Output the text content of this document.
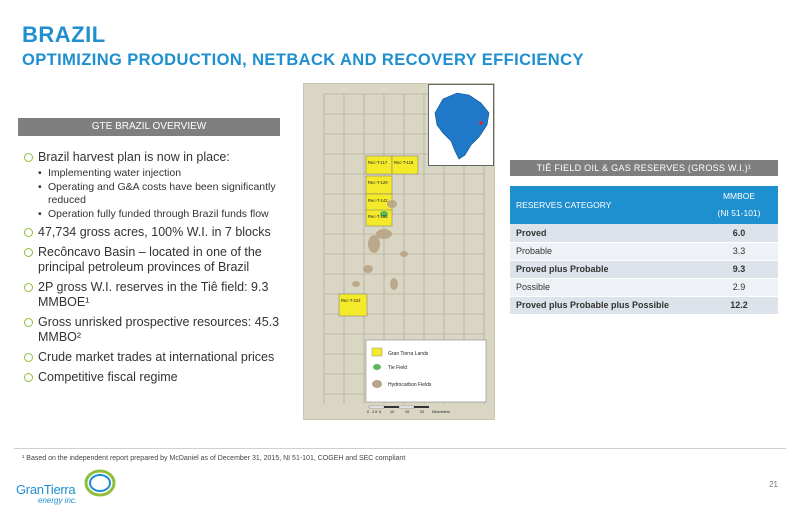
BRAZIL
OPTIMIZING PRODUCTION, NETBACK AND RECOVERY EFFICIENCY
GTE BRAZIL OVERVIEW
Brazil harvest plan is now in place:
• Implementing water injection
• Operating and G&A costs have been significantly reduced
• Operation fully funded through Brazil funds flow
47,734 gross acres, 100% W.I. in 7 blocks
Recôncavo Basin – located in one of the principal petroleum provinces of Brazil
2P gross W.I. reserves in the Tiê field: 9.3 MMBOE¹
Gross unrisked prospective resources: 45.3 MMBO²
Crude market trades at international prices
Competitive fiscal regime
Rec-T-117 Rec-T-118
Rec-T-129
Rec-T-142
Rec-T-155
Rec-T-224
Gran Tierra Lands
Tie Field
Hydrocarbon Fields
0 2.5 5 10	15	20 Kilometers
TIÊ FIELD OIL & GAS RESERVES (GROSS W.I.)¹
RESERVES CATEGORY	MMBOE
(NI 51-101)

Proved	6.0
Probable	3.3
Proved plus Probable	9.3
Possible	2.9
Proved plus Probable plus Possible	12.2
¹ Based on the independent report prepared by McDaniel as of December 31, 2015, NI 51-101, COGEH and SEC compliant
GranTierra
energy inc.
21
